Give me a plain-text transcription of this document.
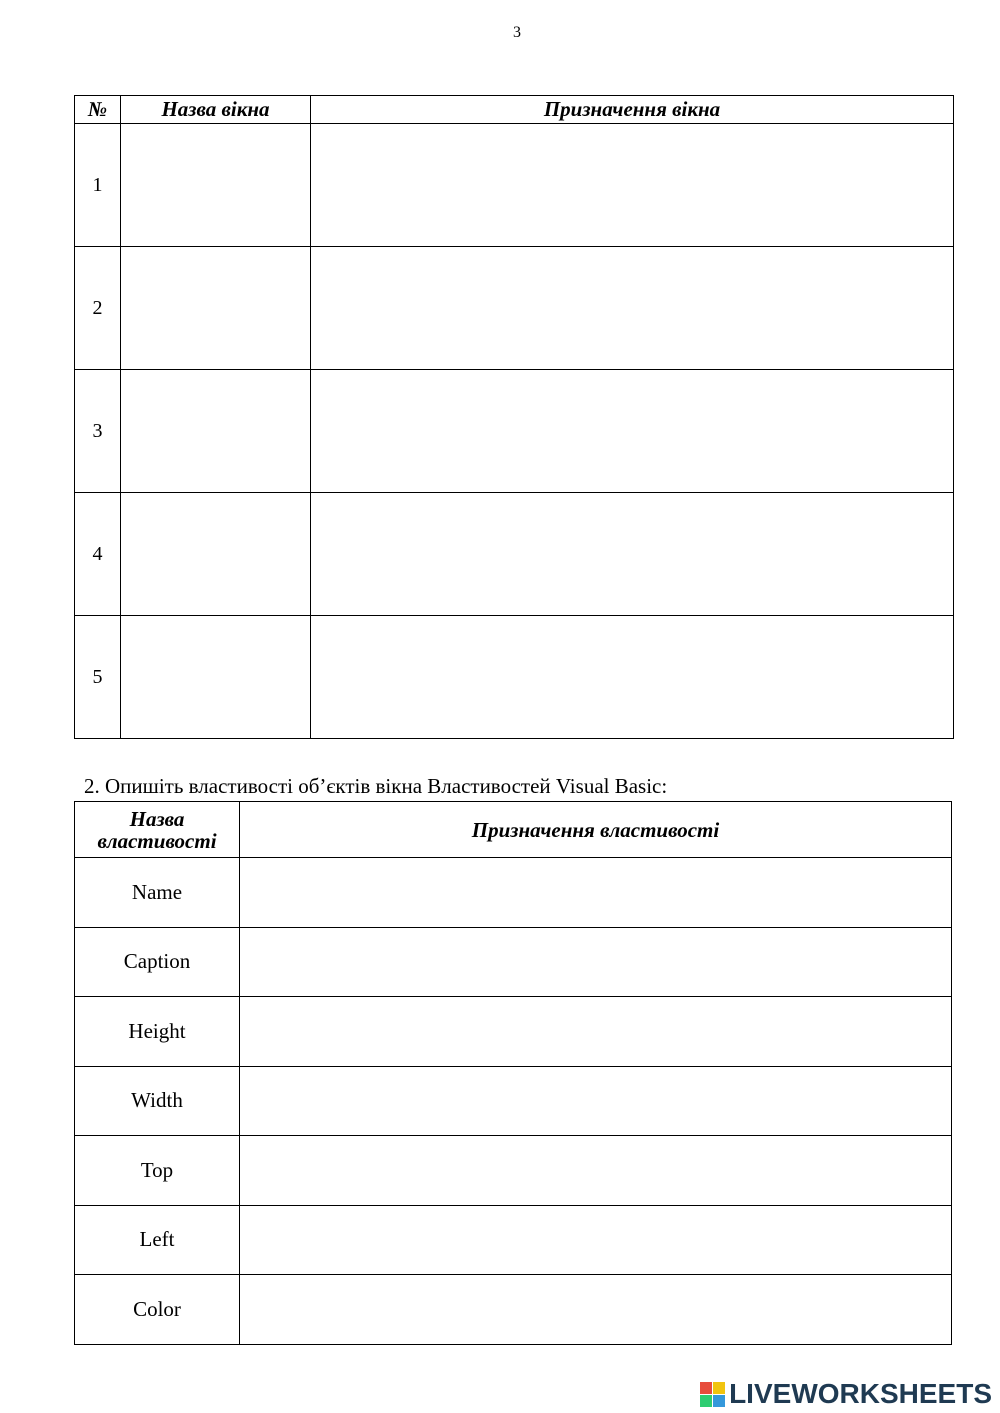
3
№	Назва вікна	Призначення вікна
1		
2		
3		
4		
5		
2. Опишіть властивості об’єктів вікна Властивостей Visual Basic:
Назва властивості	Призначення властивості
Name	
Caption	
Height	
Width	
Top	
Left	
Color	
LIVEWORKSHEETS
